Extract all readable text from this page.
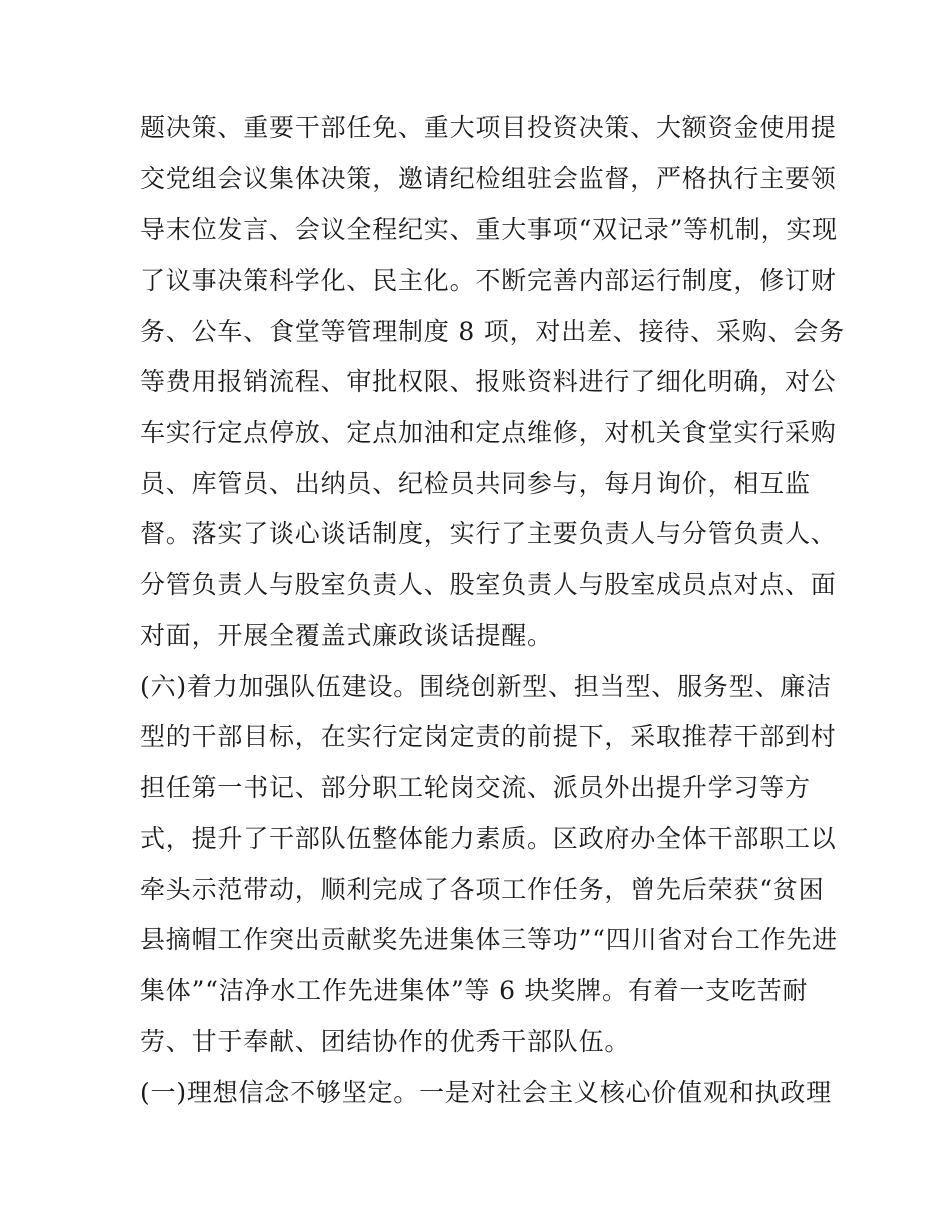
题决策、重要干部任免、重大项目投资决策、大额资金使用提
交党组会议集体决策，邀请纪检组驻会监督，严格执行主要领
导末位发言、会议全程纪实、重大事项“双记录”等机制，实现
了议事决策科学化、民主化。不断完善内部运行制度，修订财
务、公车、食堂等管理制度 8 项，对出差、接待、采购、会务
等费用报销流程、审批权限、报账资料进行了细化明确，对公
车实行定点停放、定点加油和定点维修，对机关食堂实行采购
员、库管员、出纳员、纪检员共同参与，每月询价，相互监
督。落实了谈心谈话制度，实行了主要负责人与分管负责人、
分管负责人与股室负责人、股室负责人与股室成员点对点、面
对面，开展全覆盖式廉政谈话提醒。
(六)着力加强队伍建设。围绕创新型、担当型、服务型、廉洁
型的干部目标，在实行定岗定责的前提下，采取推荐干部到村
担任第一书记、部分职工轮岗交流、派员外出提升学习等方
式，提升了干部队伍整体能力素质。区政府办全体干部职工以
牵头示范带动，顺利完成了各项工作任务，曾先后荣获“贫困
县摘帽工作突出贡献奖先进集体三等功”“四川省对台工作先进
集体”“洁净水工作先进集体”等 6 块奖牌。有着一支吃苦耐
劳、甘于奉献、团结协作的优秀干部队伍。
(一)理想信念不够坚定。一是对社会主义核心价值观和执政理
